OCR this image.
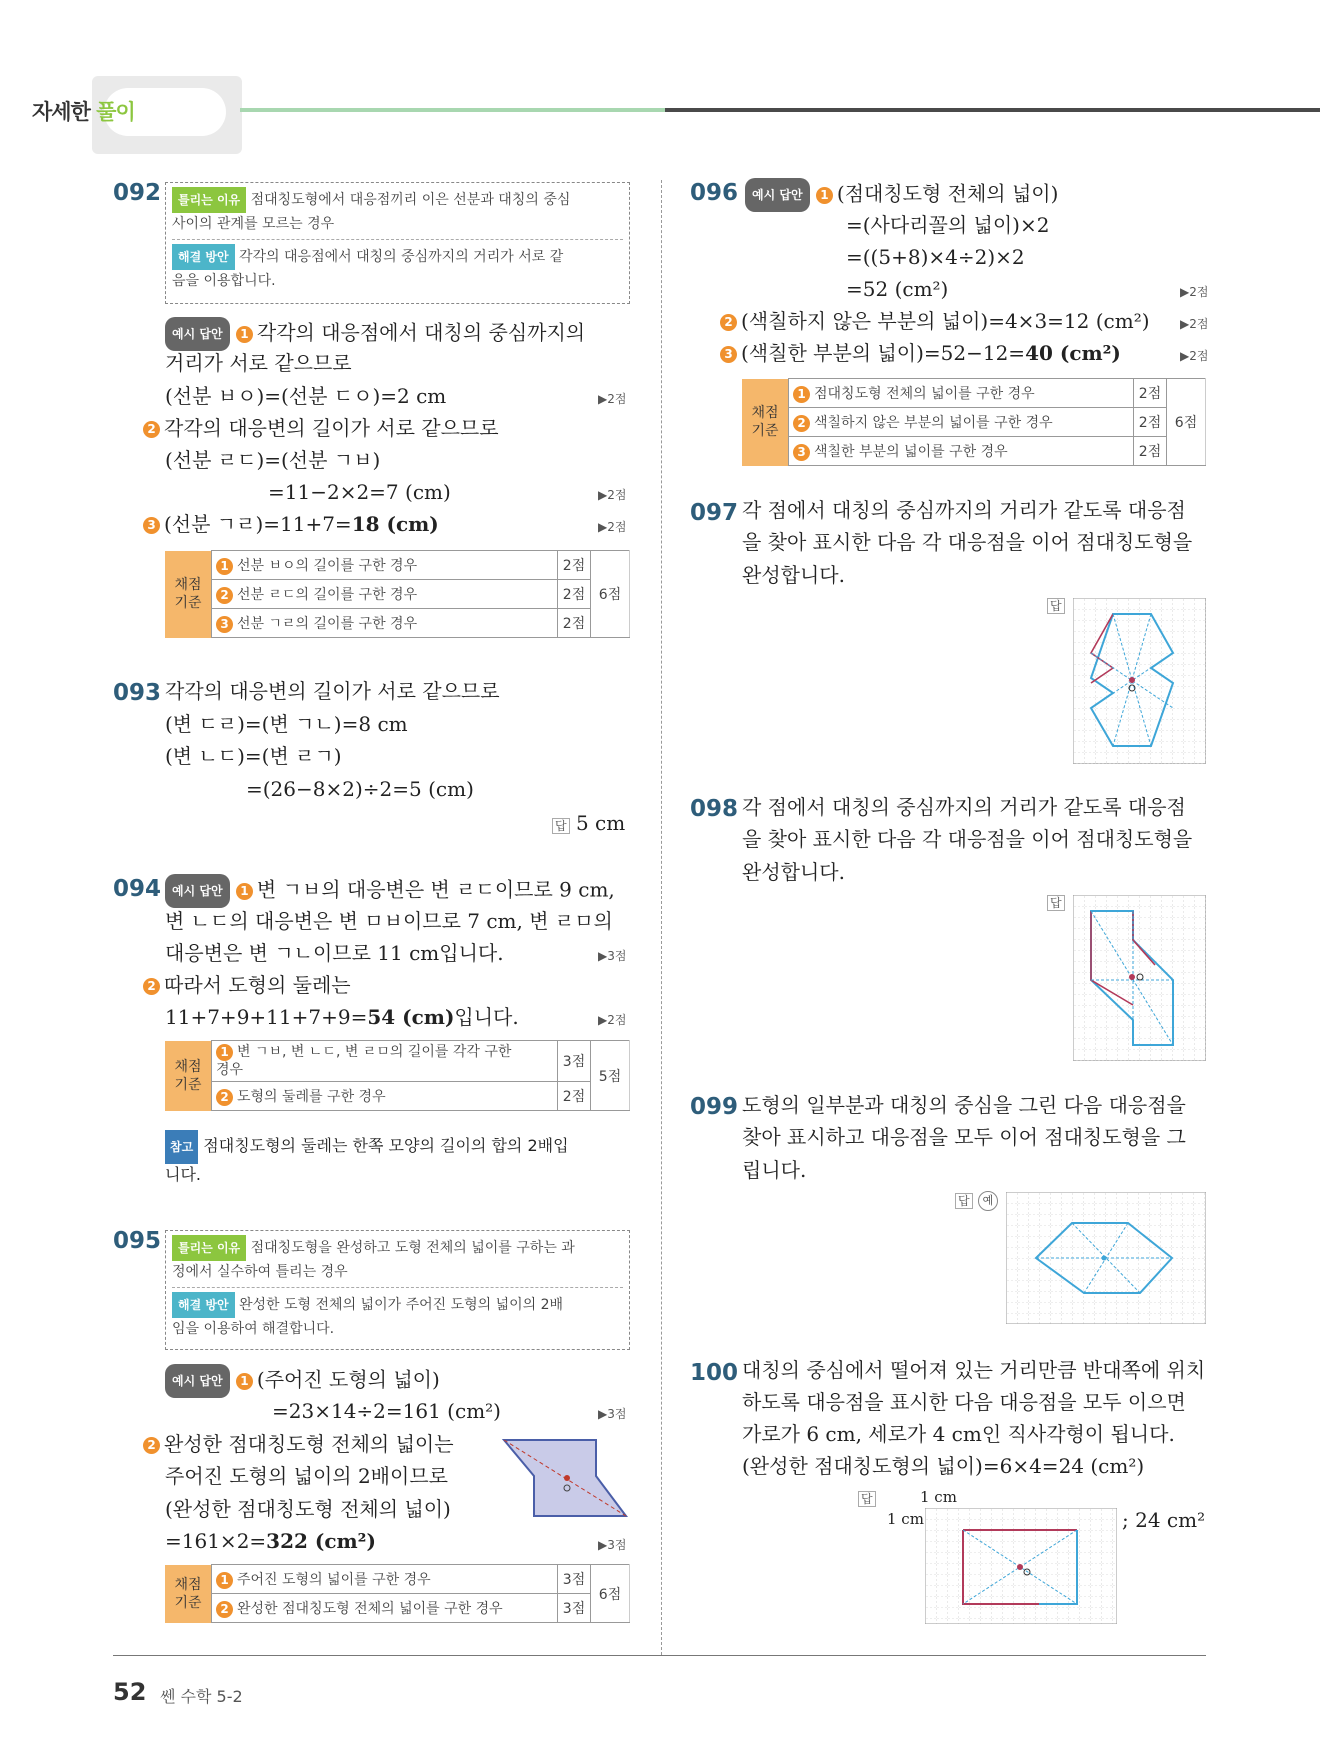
자세한 풀이
092	틀리는 이유 점대칭도형에서 대응점끼리 이은 선분과 대칭의 중심
사이의 관계를 모르는 경우
해결 방안 각각의 대응점에서 대칭의 중심까지의 거리가 서로 같
음을 이용합니다.
예시 답안 1 각각의 대응점에서 대칭의 중심까지의
거리가 서로 같으므로
(선분 ㅂㅇ)=(선분 ㄷㅇ)=2 cm	▶2점
2 각각의 대응변의 길이가 서로 같으므로
(선분 ㄹㄷ)=(선분 ㄱㅂ)
=11−2×2=7 (cm)	▶2점
3 (선분 ㄱㄹ)=11+7=18 (cm)	▶2점
채점
기준	1 선분 ㅂㅇ의 길이를 구한 경우	2점	6점
	2 선분 ㄹㄷ의 길이를 구한 경우	2점	
	3 선분 ㄱㄹ의 길이를 구한 경우	2점	
093 각각의 대응변의 길이가 서로 같으므로
(변 ㄷㄹ)=(변 ㄱㄴ)=8 cm
(변 ㄴㄷ)=(변 ㄹㄱ)
=(26−8×2)÷2=5 (cm)
답 5 cm
094 예시 답안 1 변 ㄱㅂ의 대응변은 변 ㄹㄷ이므로 9 cm,
변 ㄴㄷ의 대응변은 변 ㅁㅂ이므로 7 cm, 변 ㄹㅁ의
대응변은 변 ㄱㄴ이므로 11 cm입니다.	▶3점
2 따라서 도형의 둘레는
11+7+9+11+7+9=54 (cm)입니다.	▶2점
채점
기준	1 변 ㄱㅂ, 변 ㄴㄷ, 변 ㄹㅁ의 길이를 각각 구한
경우	3점	5점
	2 도형의 둘레를 구한 경우	2점	
참고 점대칭도형의 둘레는 한쪽 모양의 길이의 합의 2배입
니다.
095	틀리는 이유 점대칭도형을 완성하고 도형 전체의 넓이를 구하는 과
정에서 실수하여 틀리는 경우
해결 방안 완성한 도형 전체의 넓이가 주어진 도형의 넓이의 2배
임을 이용하여 해결합니다.
예시 답안 1 (주어진 도형의 넓이)
=23×14÷2=161 (cm²)	▶3점
2 완성한 점대칭도형 전체의 넓이는
주어진 도형의 넓이의 2배이므로
(완성한 점대칭도형 전체의 넓이)
=161×2=322 (cm²)	▶3점
채점
기준	1 주어진 도형의 넓이를 구한 경우	3점	6점
	2 완성한 점대칭도형 전체의 넓이를 구한 경우	3점	
096	예시 답안 1 (점대칭도형 전체의 넓이)
=(사다리꼴의 넓이)×2
=((5+8)×4÷2)×2
=52 (cm²)	▶2점
2 (색칠하지 않은 부분의 넓이)=4×3=12 (cm²)	▶2점
3 (색칠한 부분의 넓이)=52−12=40 (cm²)	▶2점
채점
기준	1 점대칭도형 전체의 넓이를 구한 경우	2점	6점
	2 색칠하지 않은 부분의 넓이를 구한 경우	2점	
	3 색칠한 부분의 넓이를 구한 경우	2점	
097 각 점에서 대칭의 중심까지의 거리가 같도록 대응점
을 찾아 표시한 다음 각 대응점을 이어 점대칭도형을
완성합니다.
답
098 각 점에서 대칭의 중심까지의 거리가 같도록 대응점
을 찾아 표시한 다음 각 대응점을 이어 점대칭도형을
완성합니다.
답
099 도형의 일부분과 대칭의 중심을 그린 다음 대응점을
찾아 표시하고 대응점을 모두 이어 점대칭도형을 그
립니다.
답	예
100 대칭의 중심에서 떨어져 있는 거리만큼 반대쪽에 위치
하도록 대응점을 표시한 다음 대응점을 모두 이으면
가로가 6 cm, 세로가 4 cm인 직사각형이 됩니다.
(완성한 점대칭도형의 넓이)=6×4=24 (cm²)
답	1 cm
1 cm	; 24 cm²
52 쎈 수학 5-2
